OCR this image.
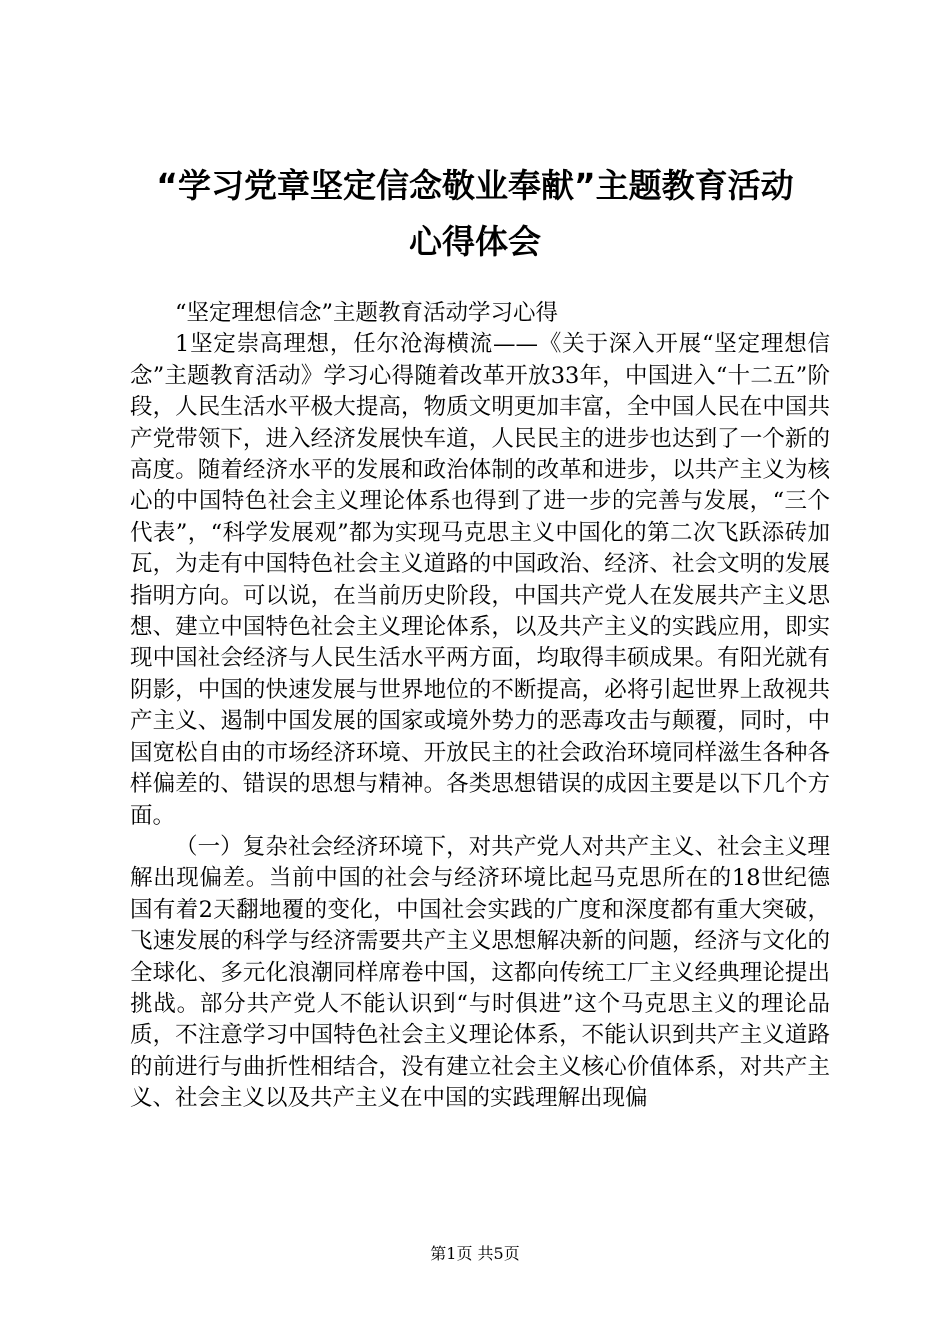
“学习党章坚定信念敬业奉献”主题教育活动
心得体会

“坚定理想信念”主题教育活动学习心得

1坚定崇高理想，任尔沧海横流——《关于深入开展“坚定理想信念”主题教育活动》学习心得随着改革开放33年，中国进入“十二五”阶段，人民生活水平极大提高，物质文明更加丰富，全中国人民在中国共产党带领下，进入经济发展快车道，人民民主的进步也达到了一个新的高度。随着经济水平的发展和政治体制的改革和进步，以共产主义为核心的中国特色社会主义理论体系也得到了进一步的完善与发展，“三个代表”，“科学发展观”都为实现马克思主义中国化的第二次飞跃添砖加瓦，为走有中国特色社会主义道路的中国政治、经济、社会文明的发展指明方向。可以说，在当前历史阶段，中国共产党人在发展共产主义思想、建立中国特色社会主义理论体系，以及共产主义的实践应用，即实现中国社会经济与人民生活水平两方面，均取得丰硕成果。有阳光就有阴影，中国的快速发展与世界地位的不断提高，必将引起世界上敌视共产主义、遏制中国发展的国家或境外势力的恶毒攻击与颠覆，同时，中国宽松自由的市场经济环境、开放民主的社会政治环境同样滋生各种各样偏差的、错误的思想与精神。各类思想错误的成因主要是以下几个方面。

（一）复杂社会经济环境下，对共产党人对共产主义、社会主义理解出现偏差。当前中国的社会与经济环境比起马克思所在的18世纪德国有着2天翻地覆的变化，中国社会实践的广度和深度都有重大突破，飞速发展的科学与经济需要共产主义思想解决新的问题，经济与文化的全球化、多元化浪潮同样席卷中国，这都向传统工厂主义经典理论提出挑战。部分共产党人不能认识到“与时俱进”这个马克思主义的理论品质，不注意学习中国特色社会主义理论体系，不能认识到共产主义道路的前进行与曲折性相结合，没有建立社会主义核心价值体系，对共产主义、社会主义以及共产主义在中国的实践理解出现偏

第1页 共5页
